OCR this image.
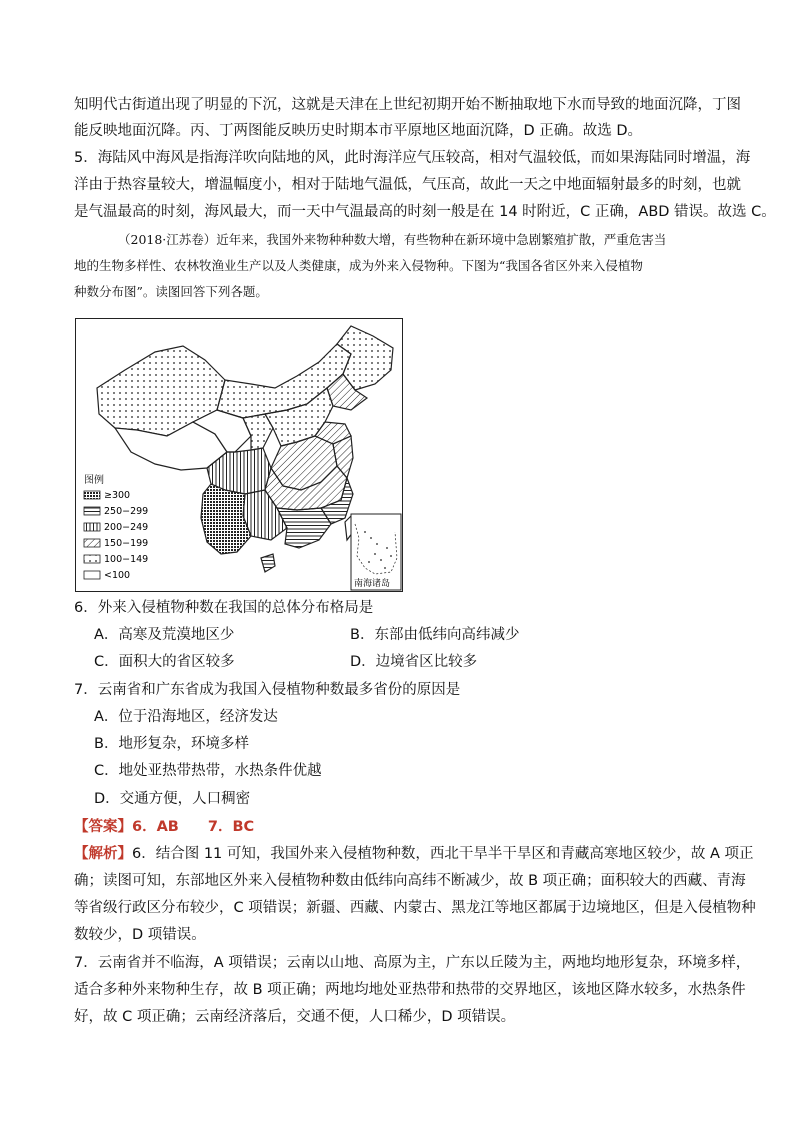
知明代古街道出现了明显的下沉，这就是天津在上世纪初期开始不断抽取地下水而导致的地面沉降，丁图
能反映地面沉降。丙、丁两图能反映历史时期本市平原地区地面沉降，D 正确。故选 D。
5．海陆风中海风是指海洋吹向陆地的风，此时海洋应气压较高，相对气温较低，而如果海陆同时增温，海
洋由于热容量较大，增温幅度小，相对于陆地气温低，气压高，故此一天之中地面辐射最多的时刻，也就
是气温最高的时刻，海风最大，而一天中气温最高的时刻一般是在 14 时附近，C 正确，ABD 错误。故选 C。
（2018·江苏卷）近年来，我国外来物种种数大增，有些物种在新环境中急剧繁殖扩散，严重危害当
地的生物多样性、农林牧渔业生产以及人类健康，成为外来入侵物种。下图为“我国各省区外来入侵植物
种数分布图”。读图回答下列各题。
图例
≥300
250−299
200−249
150−199
100−149
<100
南海诸岛
6．外来入侵植物种数在我国的总体分布格局是
A．高寒及荒漠地区少	B．东部由低纬向高纬减少
C．面积大的省区较多	D．边境省区比较多
7．云南省和广东省成为我国入侵植物种数最多省份的原因是
A．位于沿海地区，经济发达
B．地形复杂，环境多样
C．地处亚热带热带，水热条件优越
D．交通方便，人口稠密
【答案】6．AB　　7．BC
【解析】6．结合图 11 可知，我国外来入侵植物种数，西北干旱半干旱区和青藏高寒地区较少，故 A 项正
确；读图可知，东部地区外来入侵植物种数由低纬向高纬不断减少，故 B 项正确；面积较大的西藏、青海
等省级行政区分布较少，C 项错误；新疆、西藏、内蒙古、黑龙江等地区都属于边境地区，但是入侵植物种
数较少，D 项错误。
7．云南省并不临海，A 项错误；云南以山地、高原为主，广东以丘陵为主，两地均地形复杂，环境多样，
适合多种外来物种生存，故 B 项正确；两地均地处亚热带和热带的交界地区，该地区降水较多，水热条件
好，故 C 项正确；云南经济落后，交通不便，人口稀少，D 项错误。
